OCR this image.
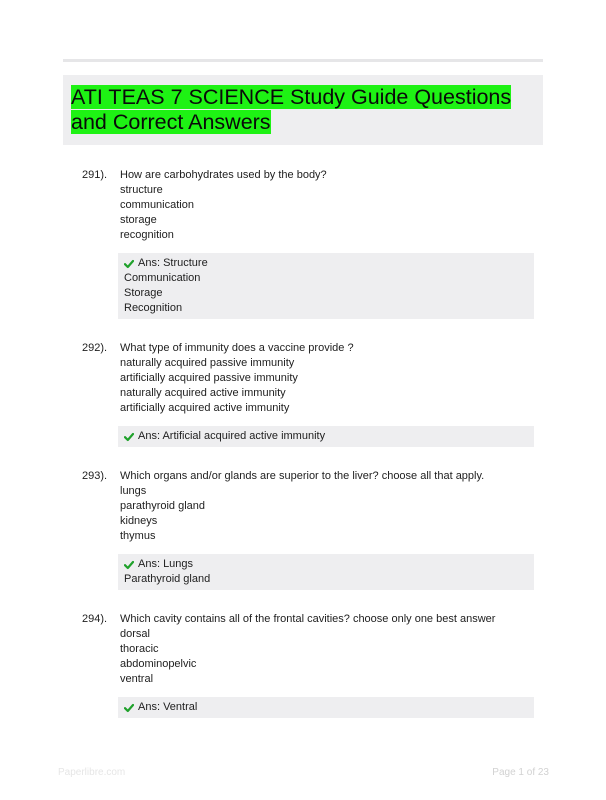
ATI TEAS 7 SCIENCE Study Guide Questions and Correct Answers
291). How are carbohydrates used by the body?
structure
communication
storage
recognition
Ans: Structure
Communication
Storage
Recognition
292). What type of immunity does a vaccine provide ?
naturally acquired passive immunity
artificially acquired passive immunity
naturally acquired active immunity
artificially acquired active immunity
Ans: Artificial acquired active immunity
293). Which organs and/or glands are superior to the liver? choose all that apply.
lungs
parathyroid gland
kidneys
thymus
Ans: Lungs
Parathyroid gland
294). Which cavity contains all of the frontal cavities? choose only one best answer
dorsal
thoracic
abdominopelvic
ventral
Ans: Ventral
Paperlibre.com	Page 1 of 23
